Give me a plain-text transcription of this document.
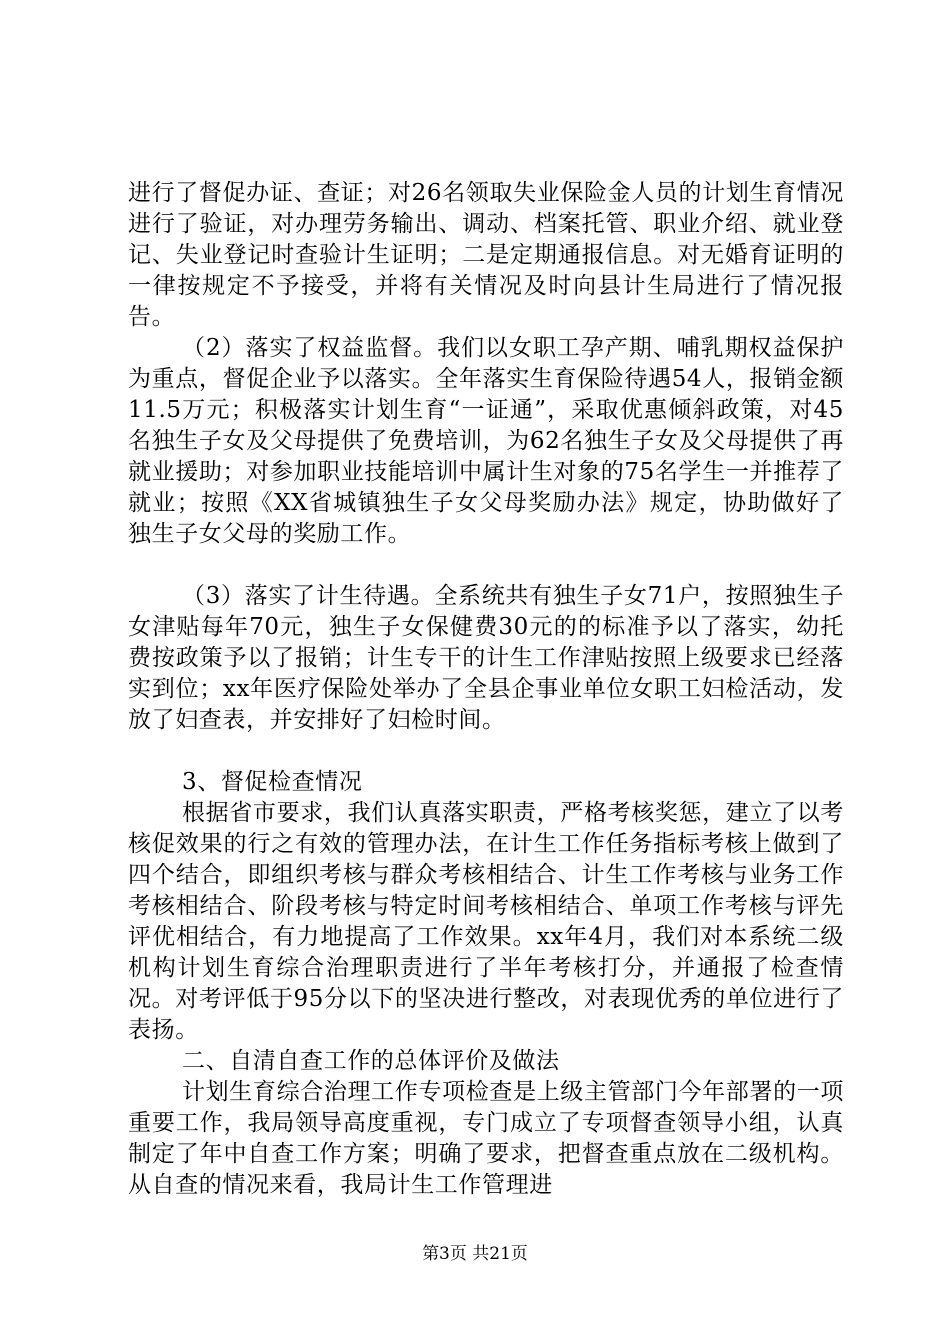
进行了督促办证、查证；对26名领取失业保险金人员的计划生育情况进行了验证，对办理劳务输出、调动、档案托管、职业介绍、就业登记、失业登记时查验计生证明；二是定期通报信息。对无婚育证明的一律按规定不予接受，并将有关情况及时向县计生局进行了情况报告。

（2）落实了权益监督。我们以女职工孕产期、哺乳期权益保护为重点，督促企业予以落实。全年落实生育保险待遇54人，报销金额11.5万元；积极落实计划生育“一证通”，采取优惠倾斜政策，对45名独生子女及父母提供了免费培训，为62名独生子女及父母提供了再就业援助；对参加职业技能培训中属计生对象的75名学生一并推荐了就业；按照《XX省城镇独生子女父母奖励办法》规定，协助做好了独生子女父母的奖励工作。

（3）落实了计生待遇。全系统共有独生子女71户，按照独生子女津贴每年70元，独生子女保健费30元的的标准予以了落实，幼托费按政策予以了报销；计生专干的计生工作津贴按照上级要求已经落实到位；xx年医疗保险处举办了全县企事业单位女职工妇检活动，发放了妇查表，并安排好了妇检时间。

3、督促检查情况

根据省市要求，我们认真落实职责，严格考核奖惩，建立了以考核促效果的行之有效的管理办法，在计生工作任务指标考核上做到了四个结合，即组织考核与群众考核相结合、计生工作考核与业务工作考核相结合、阶段考核与特定时间考核相结合、单项工作考核与评先评优相结合，有力地提高了工作效果。xx年4月，我们对本系统二级机构计划生育综合治理职责进行了半年考核打分，并通报了检查情况。对考评低于95分以下的坚决进行整改，对表现优秀的单位进行了表扬。

二、自清自查工作的总体评价及做法

计划生育综合治理工作专项检查是上级主管部门今年部署的一项重要工作，我局领导高度重视，专门成立了专项督查领导小组，认真制定了年中自查工作方案；明确了要求，把督查重点放在二级机构。从自查的情况来看，我局计生工作管理进

第3页 共21页
